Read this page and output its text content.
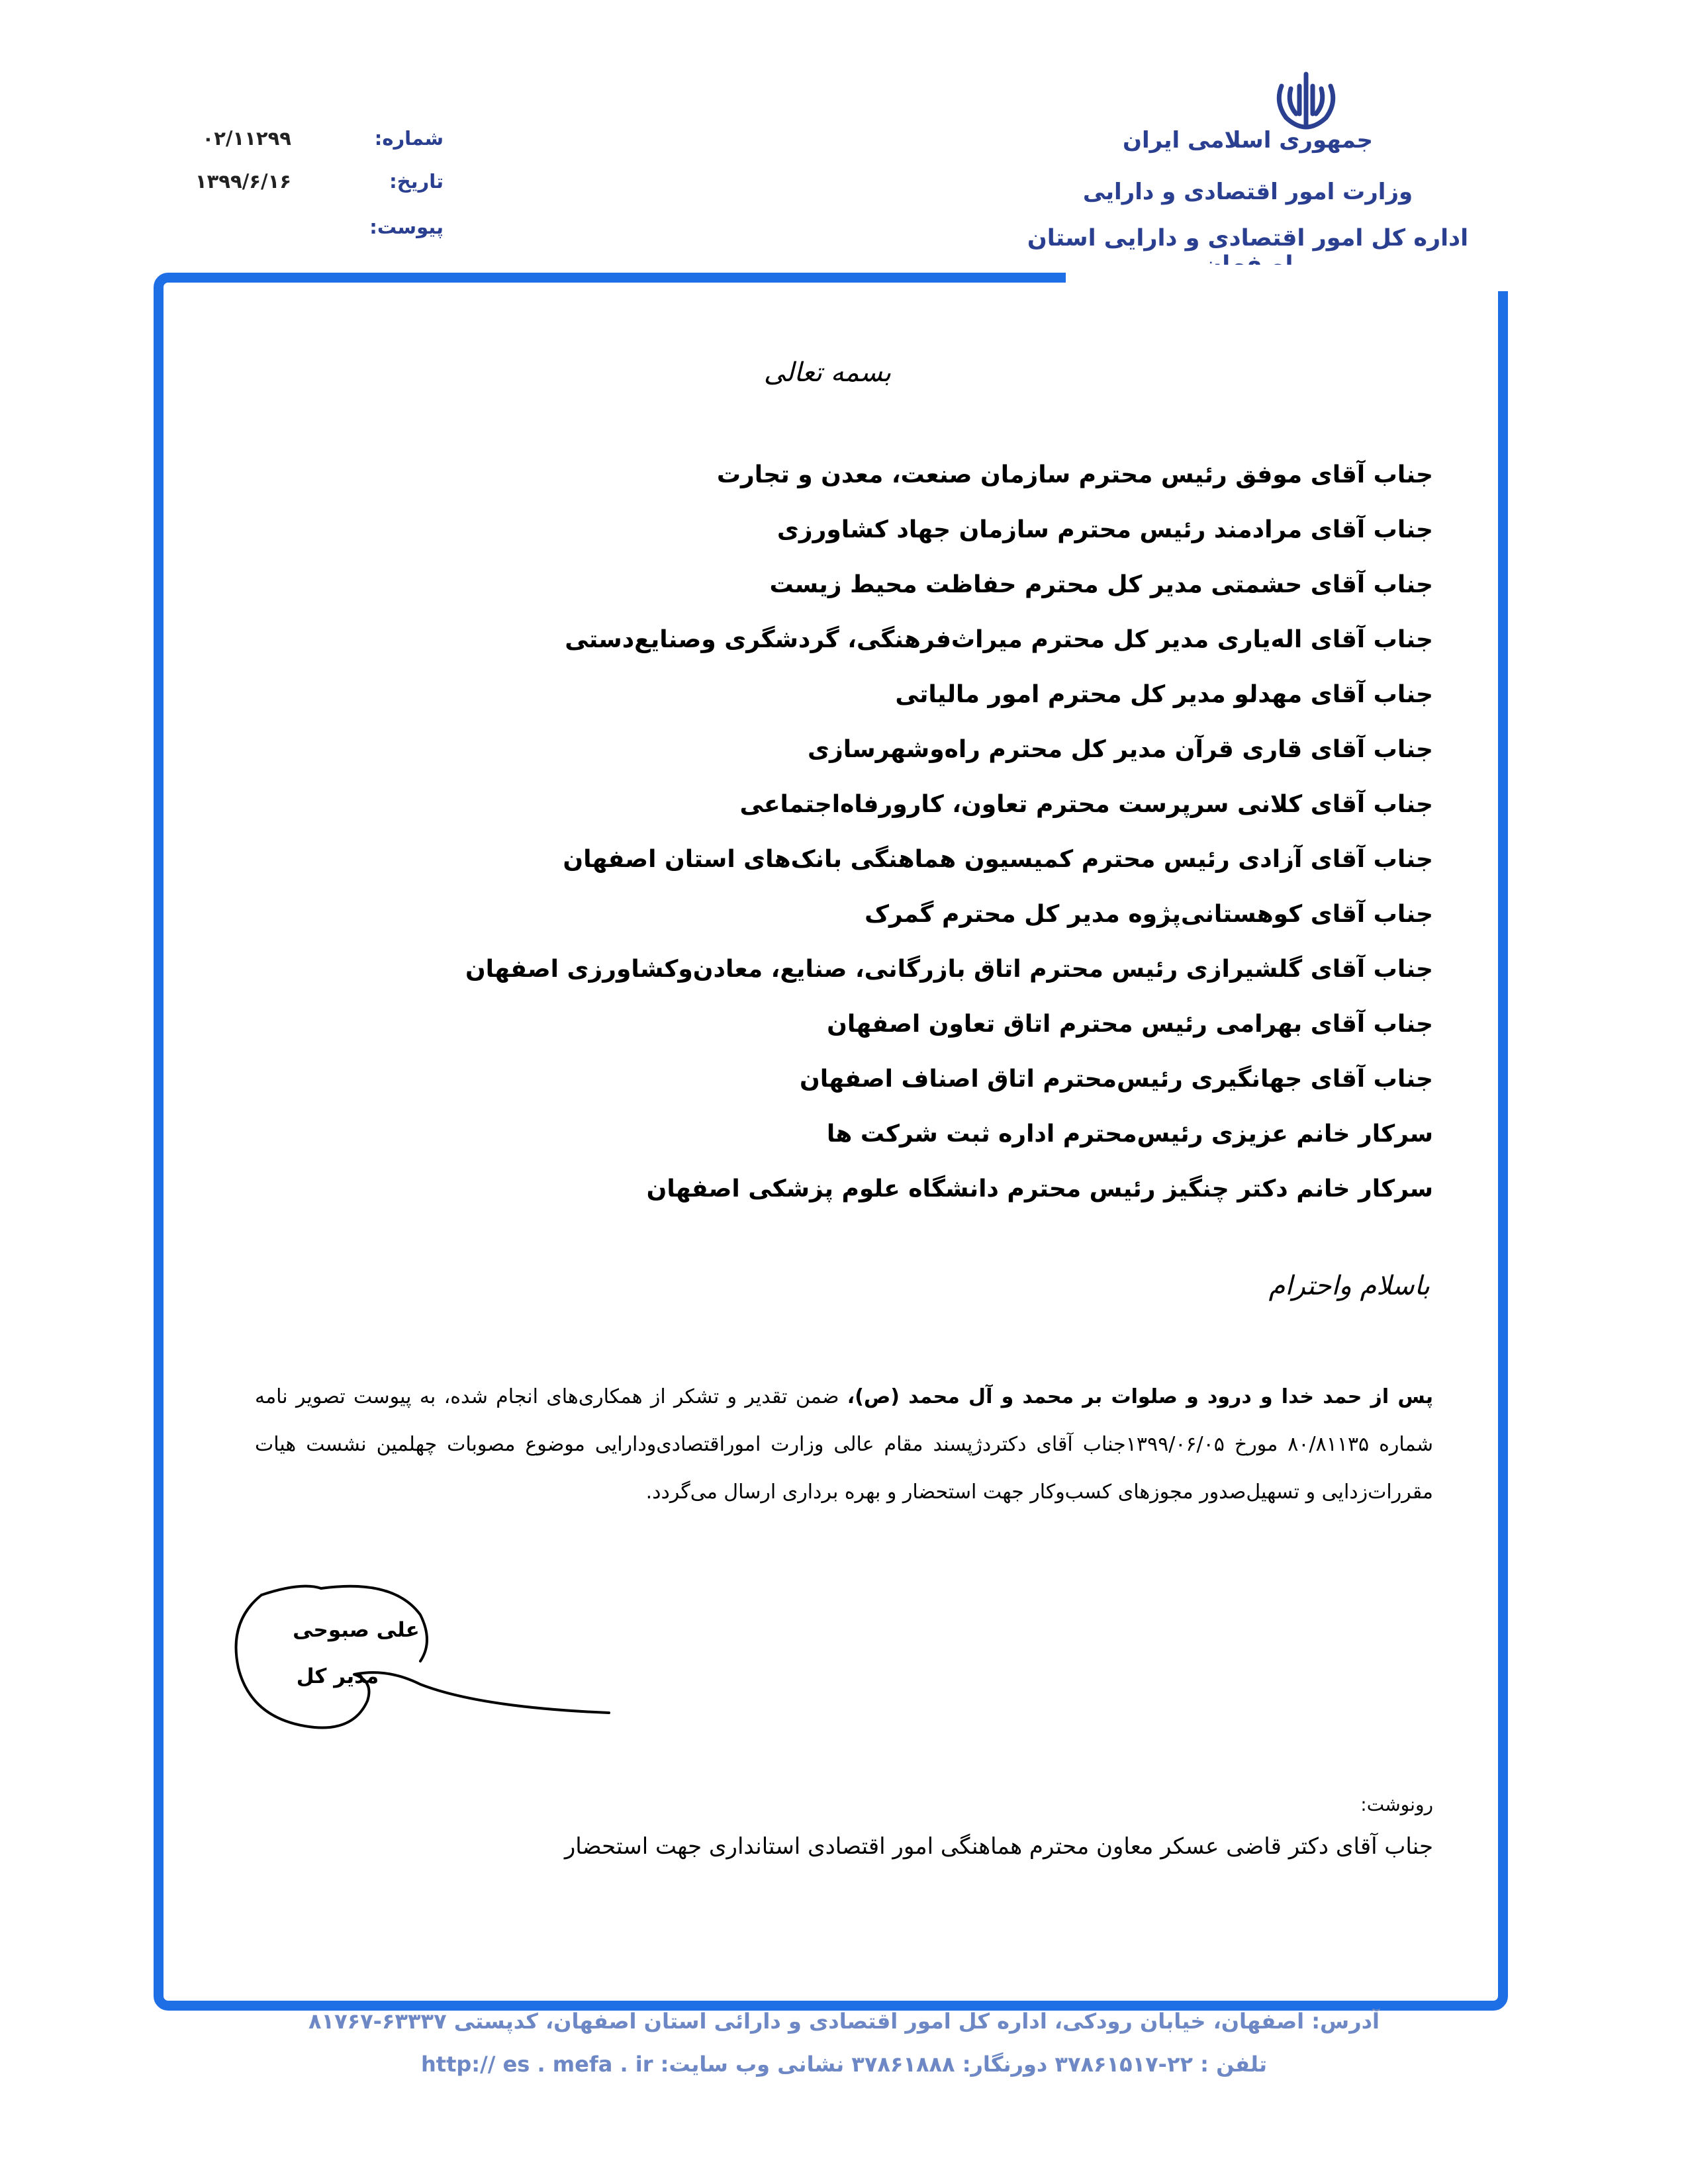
جمهوری اسلامی ایران
وزارت امور اقتصادی و دارایی
اداره کل امور اقتصادی و دارایی استان
شماره:
۰۲/۱۱۲۹۹
تاریخ:
۱۳۹۹/۶/۱۶
پیوست:
بسمه تعالی
جناب آقای موفق رئیس محترم سازمان صنعت، معدن و تجارت
جناب آقای مرادمند رئیس محترم سازمان جهاد کشاورزی
جناب آقای حشمتی مدیر کل محترم حفاظت محیط زیست
جناب آقای اله‌یاری مدیر کل محترم میراث‌فرهنگی، گردشگری وصنایع‌دستی
جناب آقای مهدلو مدیر کل محترم امور مالیاتی
جناب آقای قاری قرآن مدیر کل محترم راه‌وشهرسازی
جناب آقای کلانی سرپرست محترم تعاون، کارورفاه‌اجتماعی
جناب آقای آزادی رئیس محترم کمیسیون هماهنگی بانک‌های استان اصفهان
جناب آقای کوهستانی‌پژوه مدیر کل محترم گمرک
جناب آقای گلشیرازی رئیس محترم اتاق بازرگانی، صنایع، معادن‌وکشاورزی اصفهان
جناب آقای بهرامی رئیس محترم اتاق تعاون اصفهان
جناب آقای جهانگیری رئیس‌محترم اتاق اصناف اصفهان
سرکار خانم عزیزی رئیس‌محترم اداره ثبت شرکت ها
سرکار خانم دکتر چنگیز رئیس محترم دانشگاه علوم پزشکی اصفهان
باسلام واحترام
پس از حمد خدا و درود و صلوات بر محمد و آل محمد (ص)، ضمن تقدیر و تشکر از همکاری‌های انجام شده، به پیوست تصویر نامه شماره ۸۰/۸۱۱۳۵ مورخ ۱۳۹۹/۰۶/۰۵جناب آقای دکتردژپسند مقام عالی وزارت اموراقتصادی‌ودارایی موضوع مصوبات چهلمین نشست هیات مقررات‌زدایی و تسهیل‌صدور مجوزهای کسب‌وکار جهت استحضار و بهره برداری ارسال می‌گردد.
علی صبوحی
مدیر کل
رونوشت:
جناب آقای دکتر قاضی عسکر معاون محترم هماهنگی امور اقتصادی استانداری جهت استحضار
آدرس: اصفهان، خیابان رودکی، اداره کل امور اقتصادی و دارائی استان اصفهان، کدپستی ۶۳۳۳۷-۸۱۷۶۷
تلفن : ۲۲-۳۷۸۶۱۵۱۷ دورنگار: ۳۷۸۶۱۸۸۸ نشانی وب سایت: http:// es . mefa . ir
